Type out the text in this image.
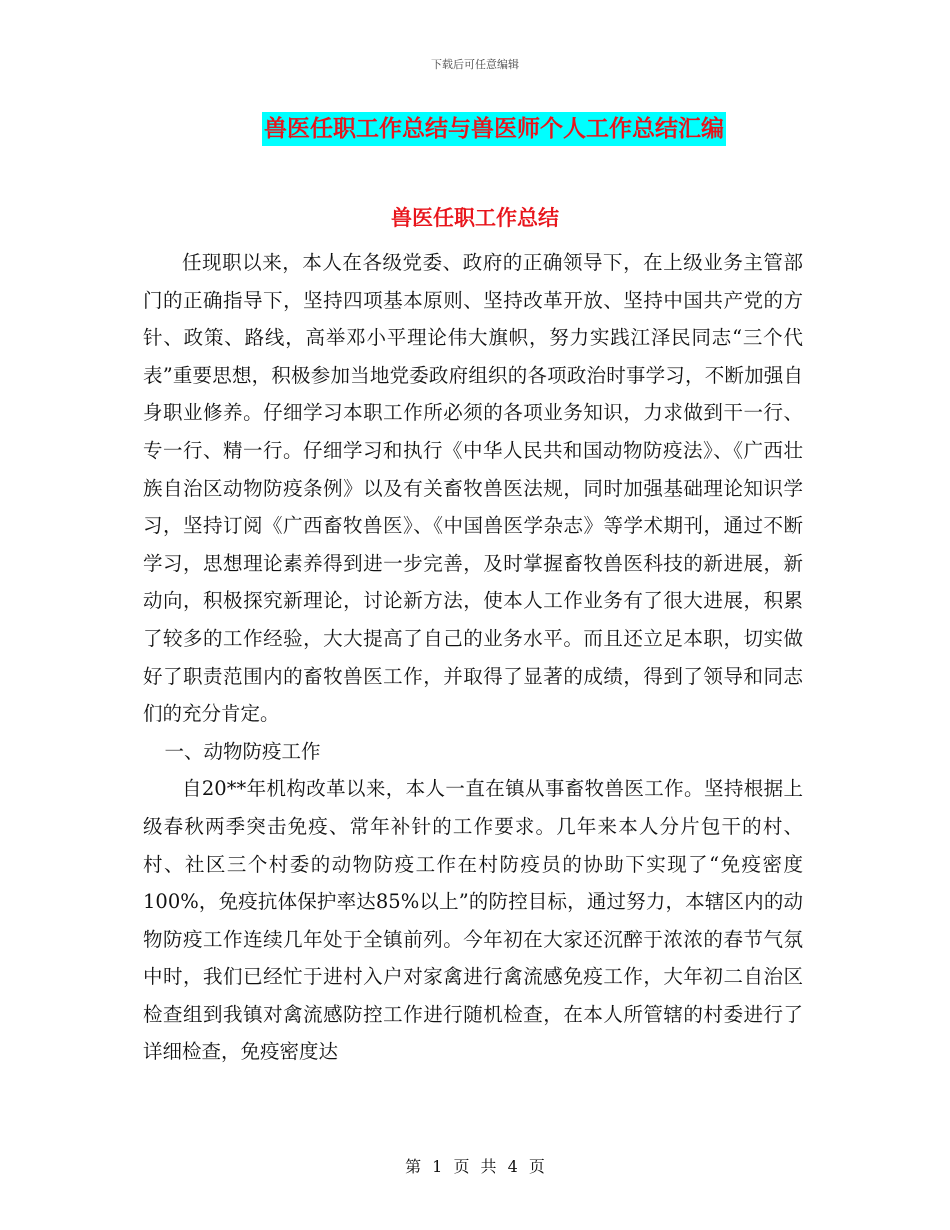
下载后可任意编辑
兽医任职工作总结与兽医师个人工作总结汇编
兽医任职工作总结

任现职以来，本人在各级党委、政府的正确领导下，在上级业务主管部门的正确指导下，坚持四项基本原则、坚持改革开放、坚持中国共产党的方针、政策、路线，高举邓小平理论伟大旗帜，努力实践江泽民同志“三个代表”重要思想，积极参加当地党委政府组织的各项政治时事学习，不断加强自身职业修养。仔细学习本职工作所必须的各项业务知识，力求做到干一行、专一行、精一行。仔细学习和执行《中华人民共和国动物防疫法》、《广西壮族自治区动物防疫条例》以及有关畜牧兽医法规，同时加强基础理论知识学习，坚持订阅《广西畜牧兽医》、《中国兽医学杂志》等学术期刊，通过不断学习，思想理论素养得到进一步完善，及时掌握畜牧兽医科技的新进展，新动向，积极探究新理论，讨论新方法，使本人工作业务有了很大进展，积累了较多的工作经验，大大提高了自己的业务水平。而且还立足本职，切实做好了职责范围内的畜牧兽医工作，并取得了显著的成绩，得到了领导和同志们的充分肯定。

一、动物防疫工作

自20**年机构改革以来，本人一直在镇从事畜牧兽医工作。坚持根据上级春秋两季突击免疫、常年补针的工作要求。几年来本人分片包干的村、村、社区三个村委的动物防疫工作在村防疫员的协助下实现了“免疫密度100%，免疫抗体保护率达85%以上”的防控目标，通过努力，本辖区内的动物防疫工作连续几年处于全镇前列。今年初在大家还沉醉于浓浓的春节气氛中时，我们已经忙于进村入户对家禽进行禽流感免疫工作，大年初二自治区检查组到我镇对禽流感防控工作进行随机检查，在本人所管辖的村委进行了详细检查，免疫密度达

第 1 页 共 4 页
